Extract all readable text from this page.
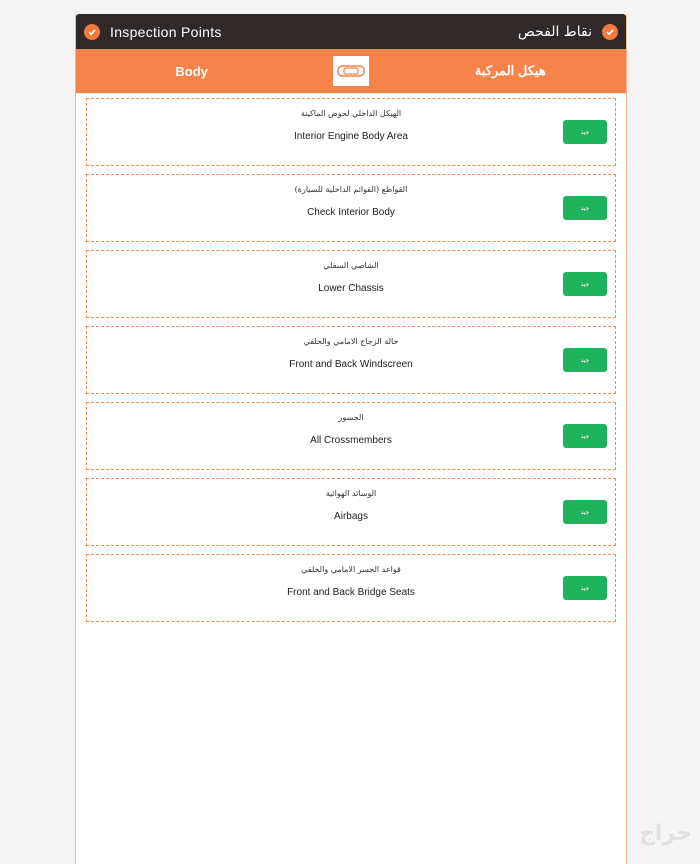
Inspection Points	نقاط الفحص
Body	هيكل المركبة
الهيكل الداخلي لحوض الماكينة
Interior Engine Body Area	جيد
القواطع (القوائم الداخلية للسيارة)
Check Interior Body	جيد
الشاصي السفلي
Lower Chassis	جيد
حالة الزجاج الامامي والخلفي
Front and Back Windscreen	جيد
الجسور
All Crossmembers	جيد
الوسائد الهوائية
Airbags	جيد
قواعد الجسر الامامي والخلفي
Front and Back Bridge Seats	جيد
حراج
